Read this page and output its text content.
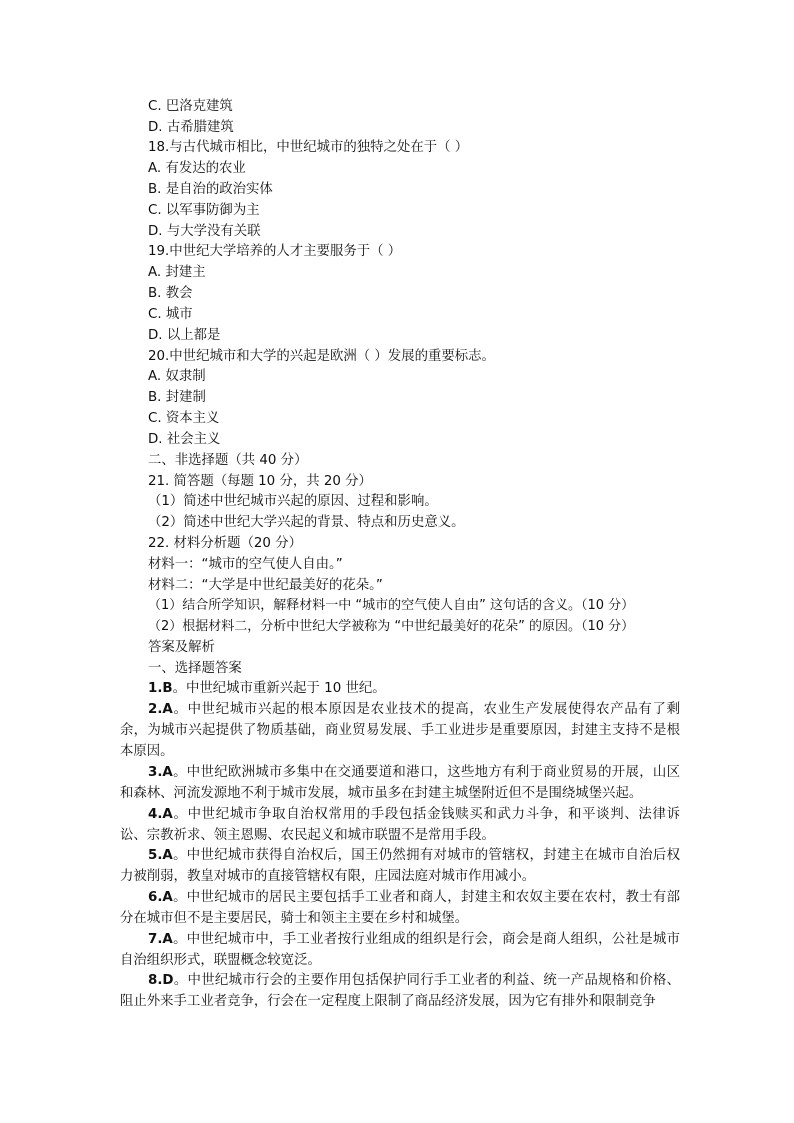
C. 巴洛克建筑
D. 古希腊建筑
18.与古代城市相比，中世纪城市的独特之处在于（ ）
A. 有发达的农业
B. 是自治的政治实体
C. 以军事防御为主
D. 与大学没有关联
19.中世纪大学培养的人才主要服务于（ ）
A. 封建主
B. 教会
C. 城市
D. 以上都是
20.中世纪城市和大学的兴起是欧洲（ ）发展的重要标志。
A. 奴隶制
B. 封建制
C. 资本主义
D. 社会主义
二、非选择题（共 40 分）
21. 简答题（每题 10 分，共 20 分）
（1）简述中世纪城市兴起的原因、过程和影响。
（2）简述中世纪大学兴起的背景、特点和历史意义。
22. 材料分析题（20 分）
材料一：“城市的空气使人自由。”
材料二：“大学是中世纪最美好的花朵。”
（1）结合所学知识，解释材料一中 “城市的空气使人自由” 这句话的含义。（10 分）
（2）根据材料二，分析中世纪大学被称为 “中世纪最美好的花朵” 的原因。（10 分）
答案及解析
一、选择题答案
1.B。中世纪城市重新兴起于 10 世纪。
2.A。中世纪城市兴起的根本原因是农业技术的提高，农业生产发展使得农产品有了剩余，为城市兴起提供了物质基础，商业贸易发展、手工业进步是重要原因，封建主支持不是根本原因。
3.A。中世纪欧洲城市多集中在交通要道和港口，这些地方有利于商业贸易的开展，山区和森林、河流发源地不利于城市发展，城市虽多在封建主城堡附近但不是围绕城堡兴起。
4.A。中世纪城市争取自治权常用的手段包括金钱赎买和武力斗争，和平谈判、法律诉讼、宗教祈求、领主恩赐、农民起义和城市联盟不是常用手段。
5.A。中世纪城市获得自治权后，国王仍然拥有对城市的管辖权，封建主在城市自治后权力被削弱，教皇对城市的直接管辖权有限，庄园法庭对城市作用减小。
6.A。中世纪城市的居民主要包括手工业者和商人，封建主和农奴主要在农村，教士有部分在城市但不是主要居民，骑士和领主主要在乡村和城堡。
7.A。中世纪城市中，手工业者按行业组成的组织是行会，商会是商人组织，公社是城市自治组织形式，联盟概念较宽泛。
8.D。中世纪城市行会的主要作用包括保护同行手工业者的利益、统一产品规格和价格、阻止外来手工业者竞争，行会在一定程度上限制了商品经济发展，因为它有排外和限制竞争
